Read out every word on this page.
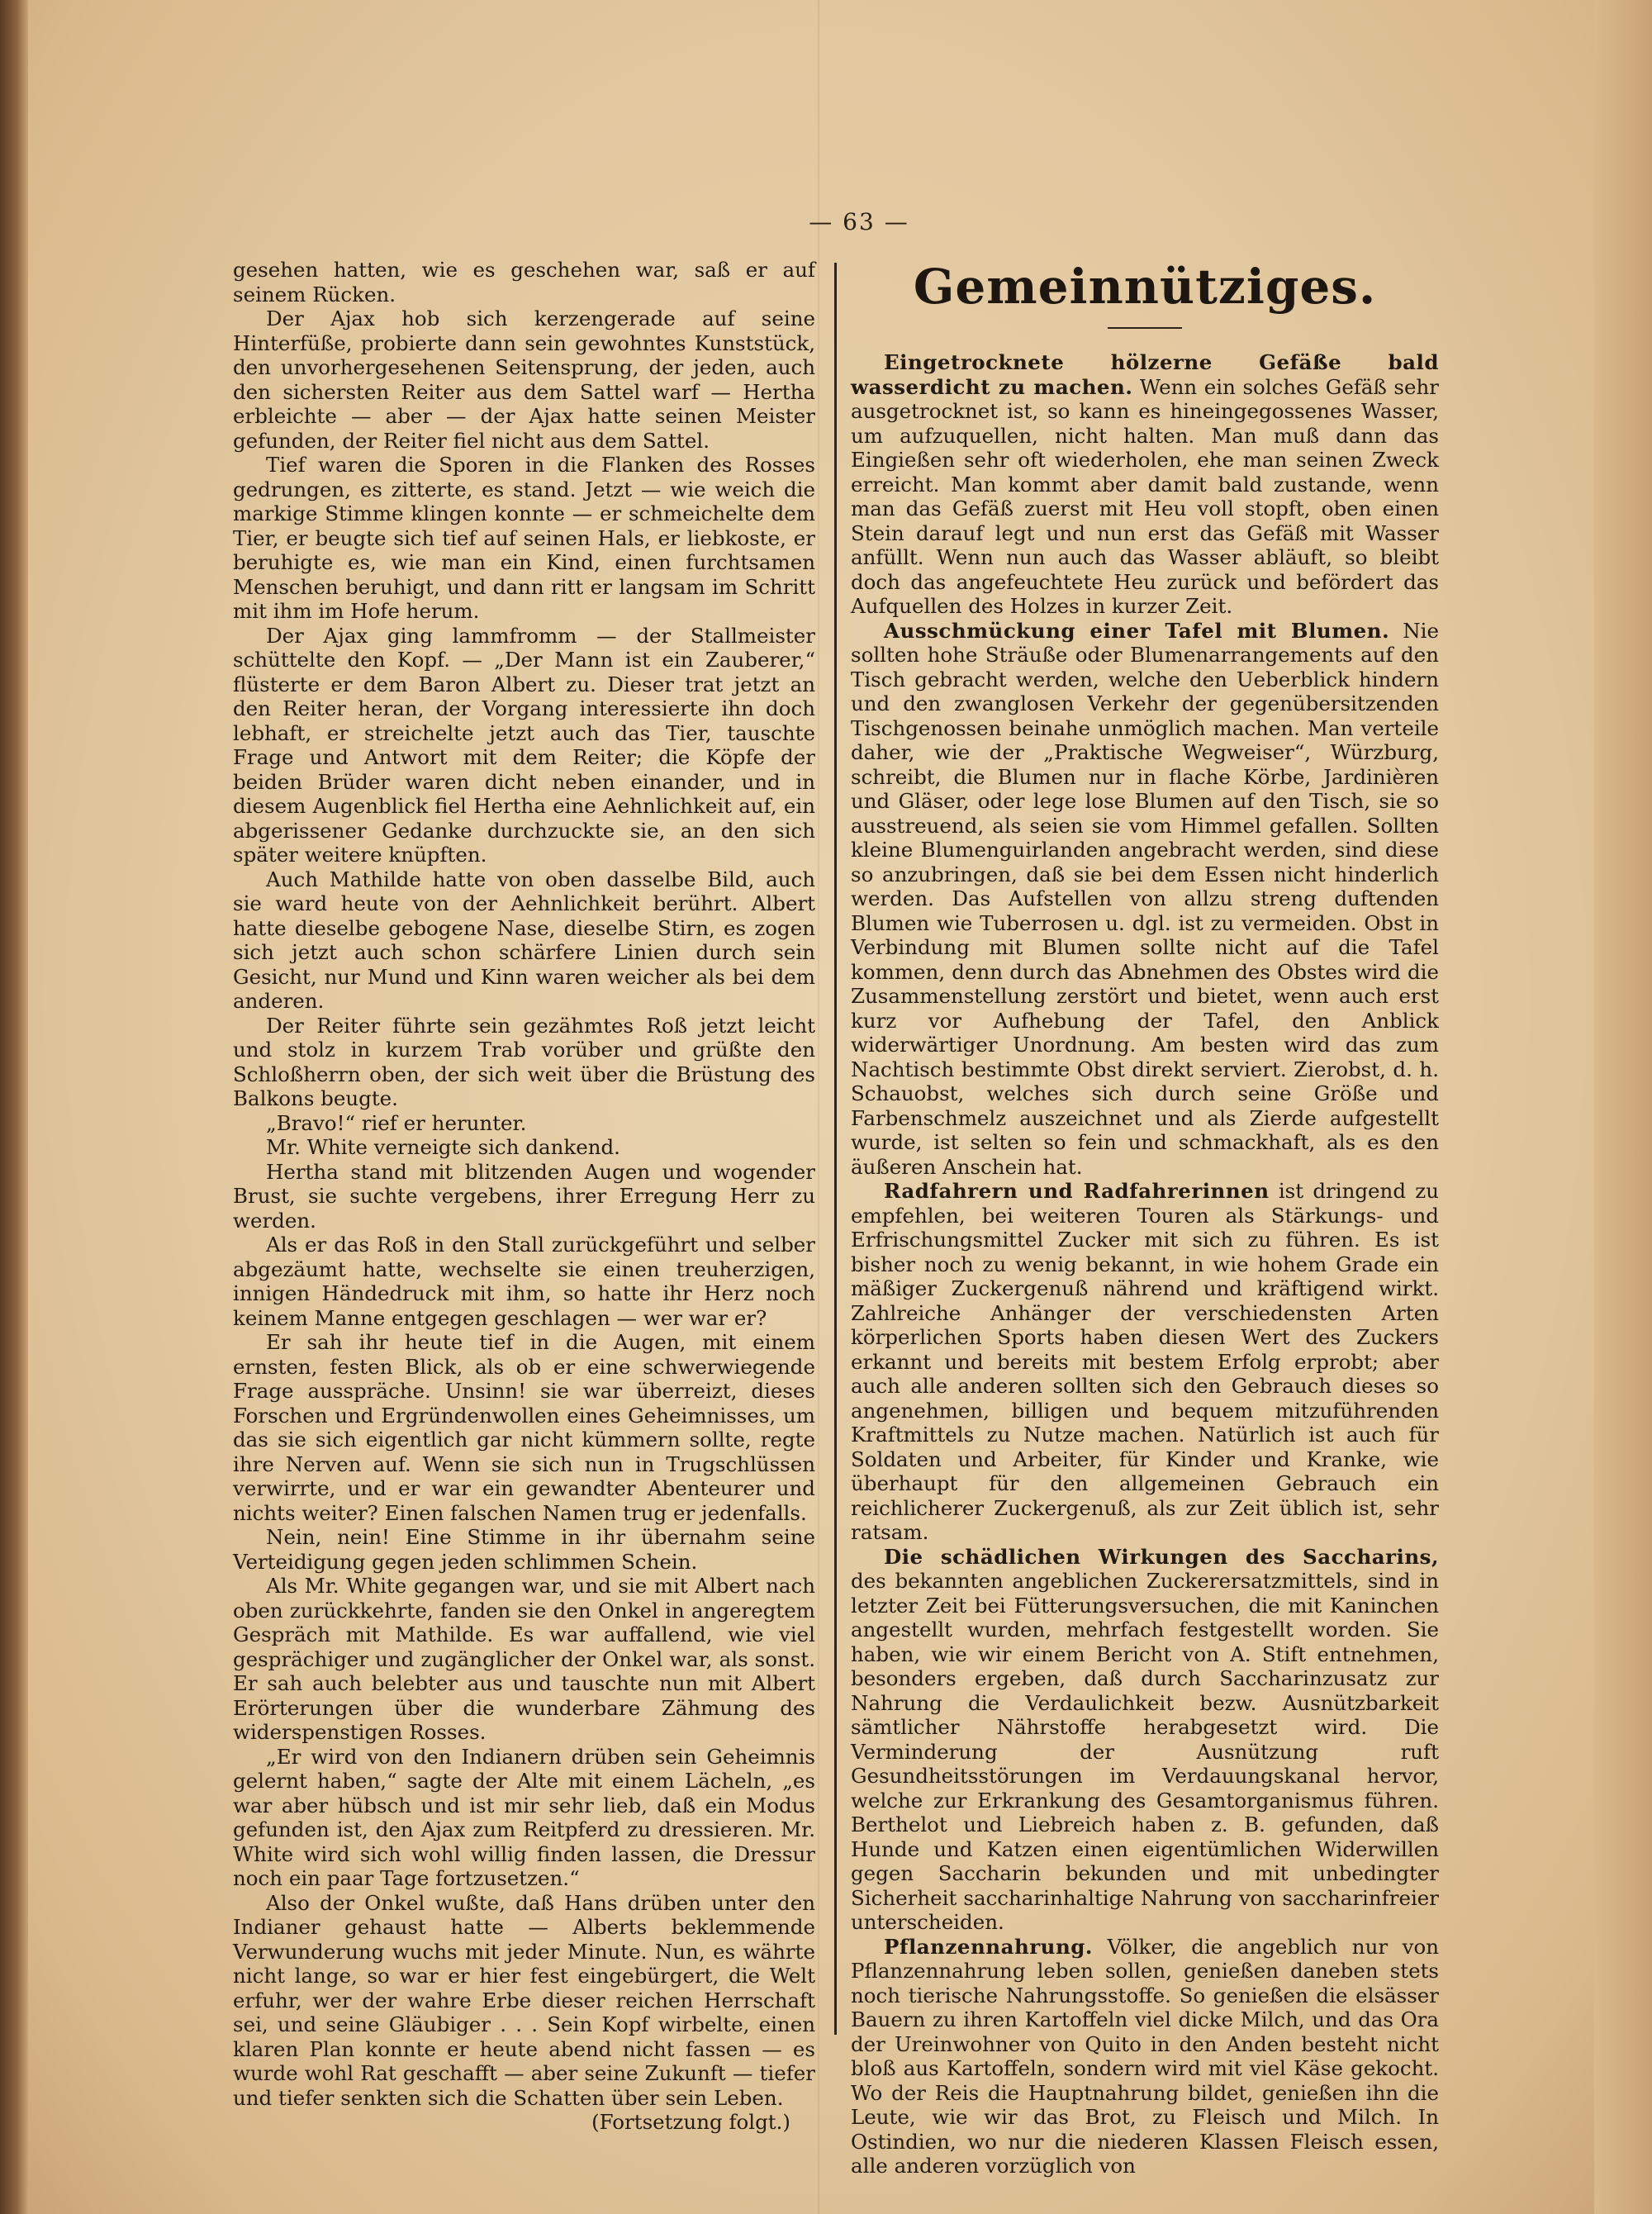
— 63 —

gesehen hatten, wie es geschehen war, saß er auf seinem Rücken.

Der Ajax hob sich kerzengerade auf seine Hinterfüße, probierte dann sein gewohntes Kunststück, den unvorhergesehenen Seitensprung, der jeden, auch den sichersten Reiter aus dem Sattel warf — Hertha erbleichte — aber — der Ajax hatte seinen Meister gefunden, der Reiter fiel nicht aus dem Sattel.

Tief waren die Sporen in die Flanken des Rosses gedrungen, es zitterte, es stand. Jetzt — wie weich die markige Stimme klingen konnte — er schmeichelte dem Tier, er beugte sich tief auf seinen Hals, er liebkoste, er beruhigte es, wie man ein Kind, einen furchtsamen Menschen beruhigt, und dann ritt er langsam im Schritt mit ihm im Hofe herum.

Der Ajax ging lammfromm — der Stallmeister schüttelte den Kopf. — „Der Mann ist ein Zauberer,“ flüsterte er dem Baron Albert zu. Dieser trat jetzt an den Reiter heran, der Vorgang interessierte ihn doch lebhaft, er streichelte jetzt auch das Tier, tauschte Frage und Antwort mit dem Reiter; die Köpfe der beiden Brüder waren dicht neben einander, und in diesem Augenblick fiel Hertha eine Aehnlichkeit auf, ein abgerissener Gedanke durchzuckte sie, an den sich später weitere knüpften.

Auch Mathilde hatte von oben dasselbe Bild, auch sie ward heute von der Aehnlichkeit berührt. Albert hatte dieselbe gebogene Nase, dieselbe Stirn, es zogen sich jetzt auch schon schärfere Linien durch sein Gesicht, nur Mund und Kinn waren weicher als bei dem anderen.

Der Reiter führte sein gezähmtes Roß jetzt leicht und stolz in kurzem Trab vorüber und grüßte den Schloßherrn oben, der sich weit über die Brüstung des Balkons beugte.

„Bravo!“ rief er herunter.

Mr. White verneigte sich dankend.

Hertha stand mit blitzenden Augen und wogender Brust, sie suchte vergebens, ihrer Erregung Herr zu werden.

Als er das Roß in den Stall zurückgeführt und selber abgezäumt hatte, wechselte sie einen treuherzigen, innigen Händedruck mit ihm, so hatte ihr Herz noch keinem Manne entgegen geschlagen — wer war er?

Er sah ihr heute tief in die Augen, mit einem ernsten, festen Blick, als ob er eine schwerwiegende Frage ausspräche. Unsinn! sie war überreizt, dieses Forschen und Ergründenwollen eines Geheimnisses, um das sie sich eigentlich gar nicht kümmern sollte, regte ihre Nerven auf. Wenn sie sich nun in Trugschlüssen verwirrte, und er war ein gewandter Abenteurer und nichts weiter? Einen falschen Namen trug er jedenfalls.

Nein, nein! Eine Stimme in ihr übernahm seine Verteidigung gegen jeden schlimmen Schein.

Als Mr. White gegangen war, und sie mit Albert nach oben zurückkehrte, fanden sie den Onkel in angeregtem Gespräch mit Mathilde. Es war auffallend, wie viel gesprächiger und zugänglicher der Onkel war, als sonst. Er sah auch belebter aus und tauschte nun mit Albert Erörterungen über die wunderbare Zähmung des widerspenstigen Rosses.

„Er wird von den Indianern drüben sein Geheimnis gelernt haben,“ sagte der Alte mit einem Lächeln, „es war aber hübsch und ist mir sehr lieb, daß ein Modus gefunden ist, den Ajax zum Reitpferd zu dressieren. Mr. White wird sich wohl willig finden lassen, die Dressur noch ein paar Tage fortzusetzen.“

Also der Onkel wußte, daß Hans drüben unter den Indianer gehaust hatte — Alberts beklemmende Verwunderung wuchs mit jeder Minute. Nun, es währte nicht lange, so war er hier fest eingebürgert, die Welt erfuhr, wer der wahre Erbe dieser reichen Herrschaft sei, und seine Gläubiger . . . Sein Kopf wirbelte, einen klaren Plan konnte er heute abend nicht fassen — es wurde wohl Rat geschafft — aber seine Zukunft — tiefer und tiefer senkten sich die Schatten über sein Leben.

(Fortsetzung folgt.)

Gemeinnütziges.

Eingetrocknete hölzerne Gefäße bald wasserdicht zu machen. Wenn ein solches Gefäß sehr ausgetrocknet ist, so kann es hineingegossenes Wasser, um aufzuquellen, nicht halten. Man muß dann das Eingießen sehr oft wiederholen, ehe man seinen Zweck erreicht. Man kommt aber damit bald zustande, wenn man das Gefäß zuerst mit Heu voll stopft, oben einen Stein darauf legt und nun erst das Gefäß mit Wasser anfüllt. Wenn nun auch das Wasser abläuft, so bleibt doch das angefeuchtete Heu zurück und befördert das Aufquellen des Holzes in kurzer Zeit.

Ausschmückung einer Tafel mit Blumen. Nie sollten hohe Sträuße oder Blumenarrangements auf den Tisch gebracht werden, welche den Ueberblick hindern und den zwanglosen Verkehr der gegenübersitzenden Tischgenossen beinahe unmöglich machen. Man verteile daher, wie der „Praktische Wegweiser“, Würzburg, schreibt, die Blumen nur in flache Körbe, Jardinièren und Gläser, oder lege lose Blumen auf den Tisch, sie so ausstreuend, als seien sie vom Himmel gefallen. Sollten kleine Blumenguirlanden angebracht werden, sind diese so anzubringen, daß sie bei dem Essen nicht hinderlich werden. Das Aufstellen von allzu streng duftenden Blumen wie Tuberrosen u. dgl. ist zu vermeiden. Obst in Verbindung mit Blumen sollte nicht auf die Tafel kommen, denn durch das Abnehmen des Obstes wird die Zusammenstellung zerstört und bietet, wenn auch erst kurz vor Aufhebung der Tafel, den Anblick widerwärtiger Unordnung. Am besten wird das zum Nachtisch bestimmte Obst direkt serviert. Zierobst, d. h. Schauobst, welches sich durch seine Größe und Farbenschmelz auszeichnet und als Zierde aufgestellt wurde, ist selten so fein und schmackhaft, als es den äußeren Anschein hat.

Radfahrern und Radfahrerinnen ist dringend zu empfehlen, bei weiteren Touren als Stärkungs- und Erfrischungsmittel Zucker mit sich zu führen. Es ist bisher noch zu wenig bekannt, in wie hohem Grade ein mäßiger Zuckergenuß nährend und kräftigend wirkt. Zahlreiche Anhänger der verschiedensten Arten körperlichen Sports haben diesen Wert des Zuckers erkannt und bereits mit bestem Erfolg erprobt; aber auch alle anderen sollten sich den Gebrauch dieses so angenehmen, billigen und bequem mitzuführenden Kraftmittels zu Nutze machen. Natürlich ist auch für Soldaten und Arbeiter, für Kinder und Kranke, wie überhaupt für den allgemeinen Gebrauch ein reichlicherer Zuckergenuß, als zur Zeit üblich ist, sehr ratsam.

Die schädlichen Wirkungen des Saccharins, des bekannten angeblichen Zuckerersatzmittels, sind in letzter Zeit bei Fütterungsversuchen, die mit Kaninchen angestellt wurden, mehrfach festgestellt worden. Sie haben, wie wir einem Bericht von A. Stift entnehmen, besonders ergeben, daß durch Saccharinzusatz zur Nahrung die Verdaulichkeit bezw. Ausnützbarkeit sämtlicher Nährstoffe herabgesetzt wird. Die Verminderung der Ausnützung ruft Gesundheitsstörungen im Verdauungskanal hervor, welche zur Erkrankung des Gesamtorganismus führen. Berthelot und Liebreich haben z. B. gefunden, daß Hunde und Katzen einen eigentümlichen Widerwillen gegen Saccharin bekunden und mit unbedingter Sicherheit saccharinhaltige Nahrung von saccharinfreier unterscheiden.

Pflanzennahrung. Völker, die angeblich nur von Pflanzennahrung leben sollen, genießen daneben stets noch tierische Nahrungsstoffe. So genießen die elsässer Bauern zu ihren Kartoffeln viel dicke Milch, und das Ora der Ureinwohner von Quito in den Anden besteht nicht bloß aus Kartoffeln, sondern wird mit viel Käse gekocht. Wo der Reis die Hauptnahrung bildet, genießen ihn die Leute, wie wir das Brot, zu Fleisch und Milch. In Ostindien, wo nur die niederen Klassen Fleisch essen, alle anderen vorzüglich von
